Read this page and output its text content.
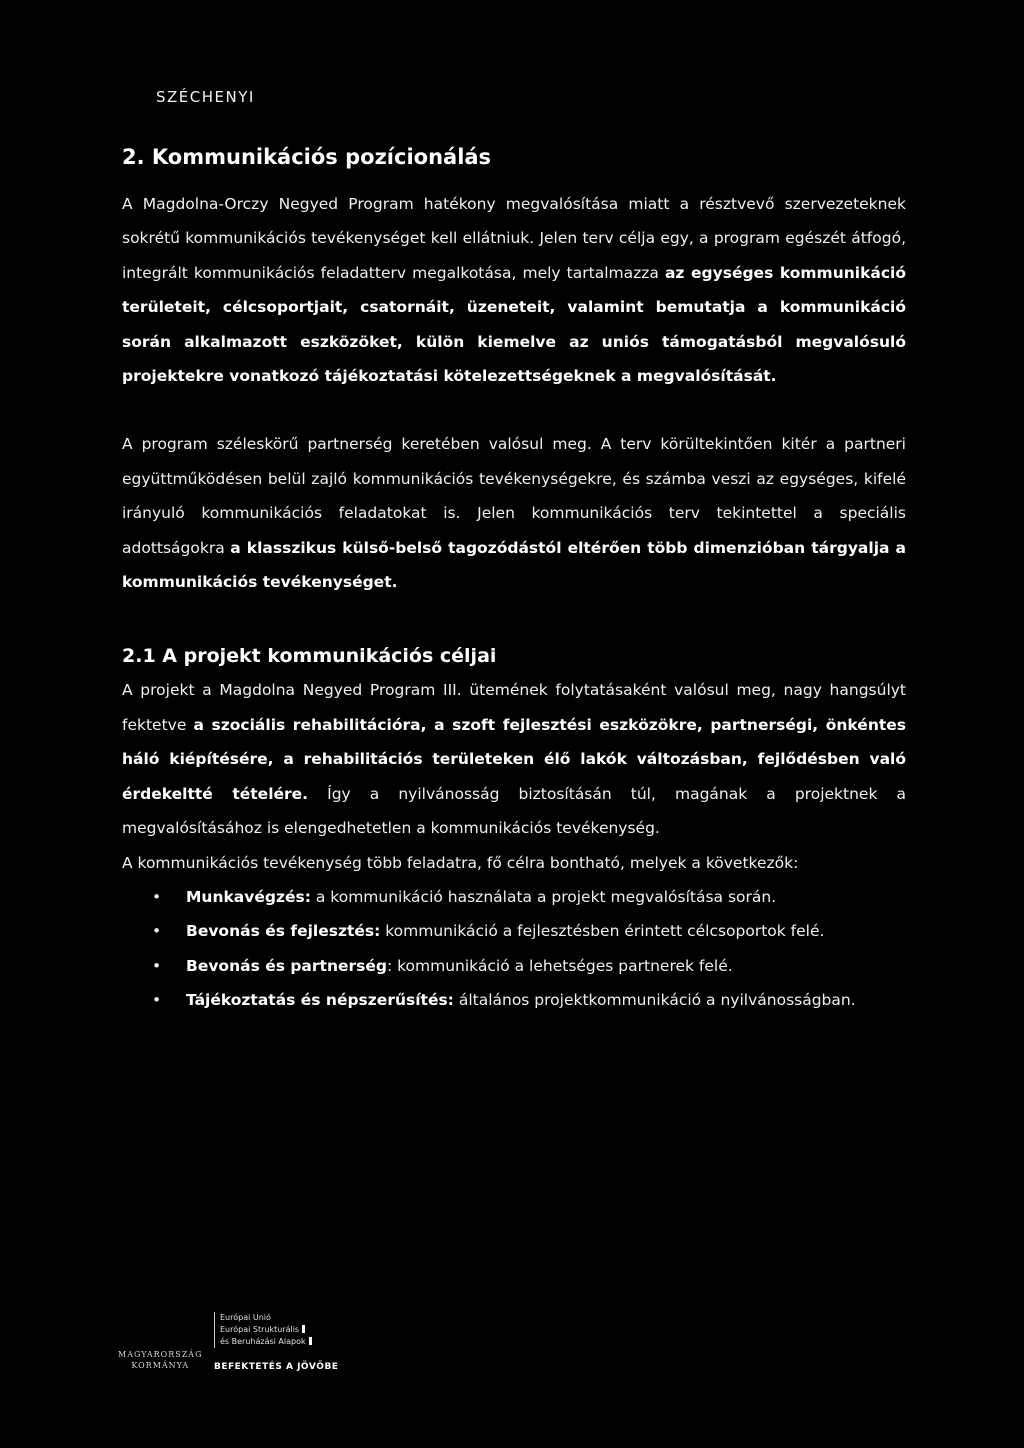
SZÉCHENYI
2. Kommunikációs pozícionálás

A Magdolna-Orczy Negyed Program hatékony megvalósítása miatt a résztvevő szervezeteknek sokrétű kommunikációs tevékenységet kell ellátniuk. Jelen terv célja egy, a program egészét átfogó, integrált kommunikációs feladatterv megalkotása, mely tartalmazza az egységes kommunikáció területeit, célcsoportjait, csatornáit, üzeneteit, valamint bemutatja a kommunikáció során alkalmazott eszközöket, külön kiemelve az uniós támogatásból megvalósuló projektekre vonatkozó tájékoztatási kötelezettségeknek a megvalósítását.

A program széleskörű partnerség keretében valósul meg. A terv körültekintően kitér a partneri együttműködésen belül zajló kommunikációs tevékenységekre, és számba veszi az egységes, kifelé irányuló kommunikációs feladatokat is. Jelen kommunikációs terv tekintettel a speciális adottságokra a klasszikus külső-belső tagozódástól eltérően több dimenzióban tárgyalja a kommunikációs tevékenységet.

2.1 A projekt kommunikációs céljai

A projekt a Magdolna Negyed Program III. ütemének folytatásaként valósul meg, nagy hangsúlyt fektetve a szociális rehabilitációra, a szoft fejlesztési eszközökre, partnerségi, önkéntes háló kiépítésére, a rehabilitációs területeken élő lakók változásban, fejlődésben való érdekeltté tételére. Így a nyilvánosság biztosításán túl, magának a projektnek a megvalósításához is elengedhetetlen a kommunikációs tevékenység.

A kommunikációs tevékenység több feladatra, fő célra bontható, melyek a következők:

• Munkavégzés: a kommunikáció használata a projekt megvalósítása során.
• Bevonás és fejlesztés: kommunikáció a fejlesztésben érintett célcsoportok felé.
• Bevonás és partnerség: kommunikáció a lehetséges partnerek felé.
• Tájékoztatás és népszerűsítés: általános projektkommunikáció a nyilvánosságban.
MAGYARORSZÁG
KORMÁNYA
Európai Unió
Európai Strukturális
és Beruházási Alapok
BEFEKTETÉS A JÖVŐBE
